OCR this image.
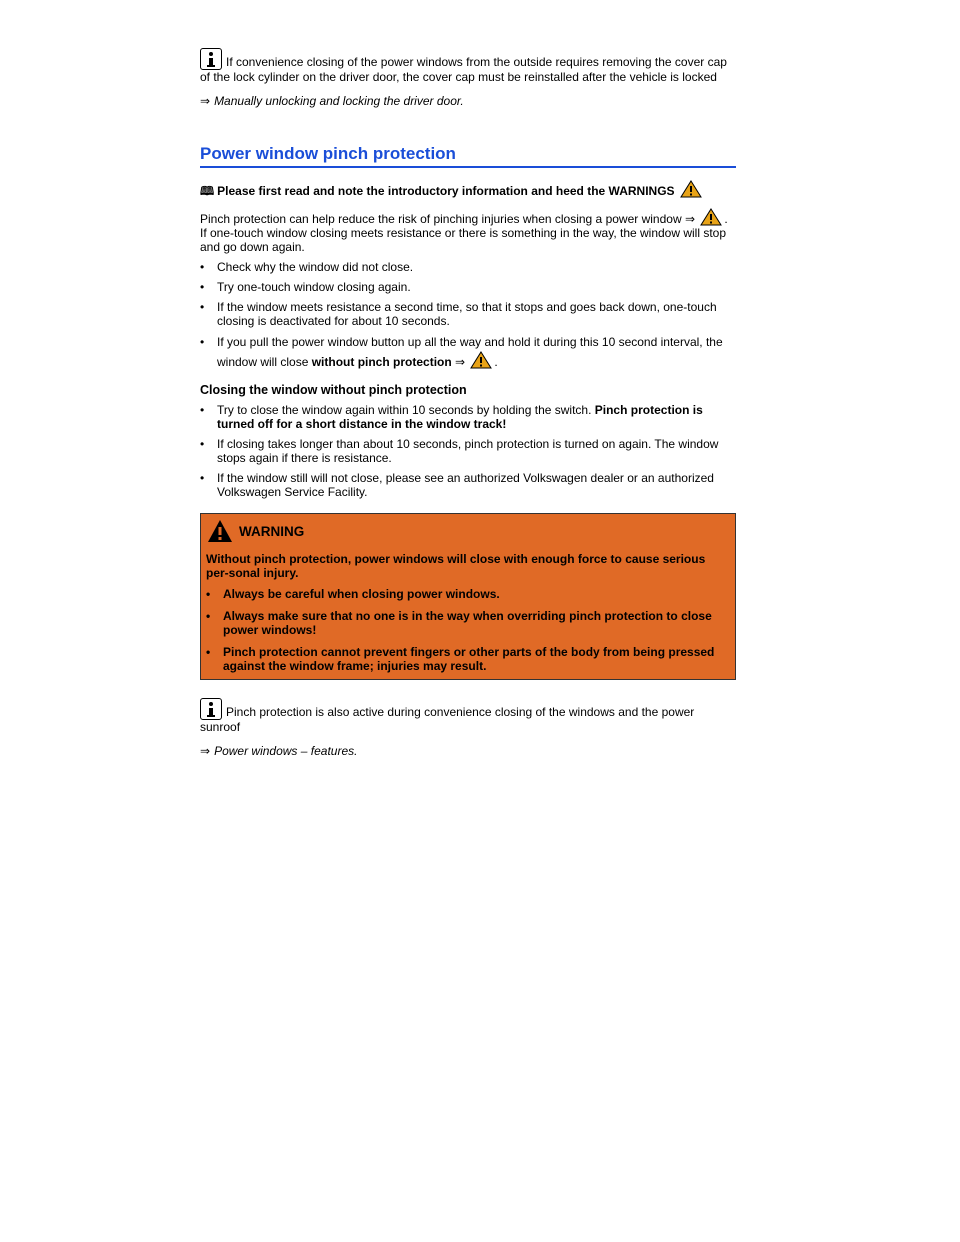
If convenience closing of the power windows from the outside requires removing the cover cap of the lock cylinder on the driver door, the cover cap must be reinstalled after the vehicle is locked
⇒ Manually unlocking and locking the driver door.
Power window pinch protection
🕮 Please first read and note the introductory information and heed the WARNINGS

Pinch protection can help reduce the risk of pinching injuries when closing a power window ⇒ . If one-touch window closing meets resistance or there is something in the way, the window will stop and go down again.

• Check why the window did not close.
• Try one-touch window closing again.
• If the window meets resistance a second time, so that it stops and goes back down, one-touch closing is deactivated for about 10 seconds.
• If you pull the power window button up all the way and hold it during this 10 second interval, the window will close without pinch protection ⇒ .
Closing the window without pinch protection
• Try to close the window again within 10 seconds by holding the switch. Pinch protection is turned off for a short distance in the window track!
• If closing takes longer than about 10 seconds, pinch protection is turned on again. The window stops again if there is resistance.
• If the window still will not close, please see an authorized Volkswagen dealer or an authorized Volkswagen Service Facility.
WARNING

Without pinch protection, power windows will close with enough force to cause serious per-sonal injury.

• Always be careful when closing power windows.
• Always make sure that no one is in the way when overriding pinch protection to close power windows!
• Pinch protection cannot prevent fingers or other parts of the body from being pressed against the window frame; injuries may result.
Pinch protection is also active during convenience closing of the windows and the power sunroof
⇒ Power windows – features.
